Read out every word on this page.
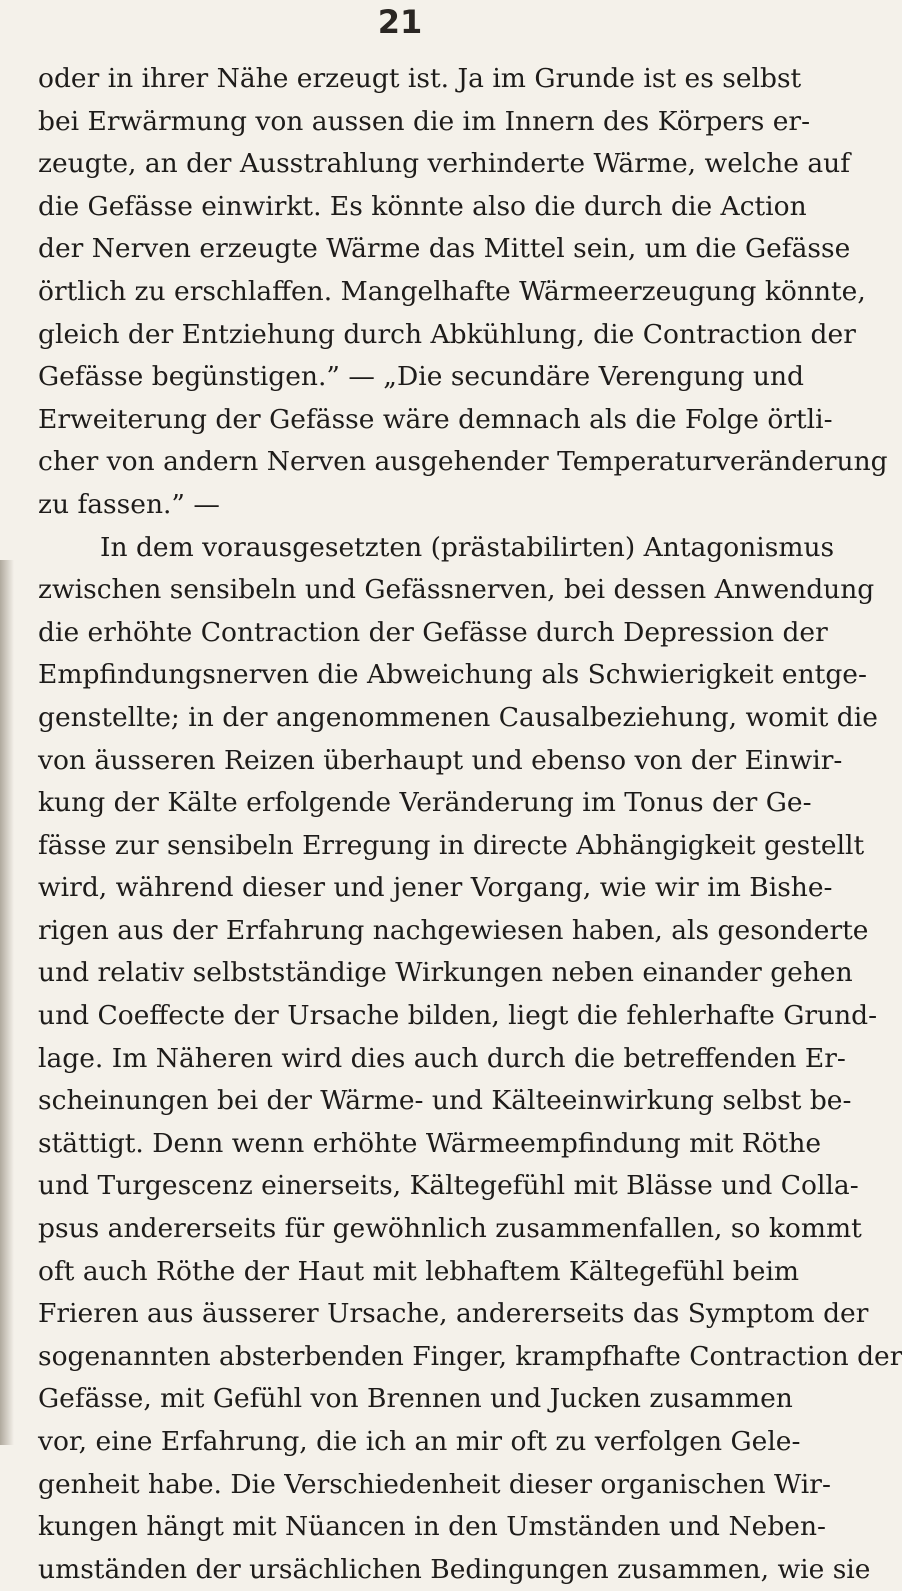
21
oder in ihrer Nähe erzeugt ist. Ja im Grunde ist es selbst
bei Erwärmung von aussen die im Innern des Körpers er-
zeugte, an der Ausstrahlung verhinderte Wärme, welche auf
die Gefässe einwirkt. Es könnte also die durch die Action
der Nerven erzeugte Wärme das Mittel sein, um die Gefässe
örtlich zu erschlaffen. Mangelhafte Wärmeerzeugung könnte,
gleich der Entziehung durch Abkühlung, die Contraction der
Gefässe begünstigen.” — „Die secundäre Verengung und
Erweiterung der Gefässe wäre demnach als die Folge örtli-
cher von andern Nerven ausgehender Temperaturveränderung
zu fassen.” —
In dem vorausgesetzten (prästabilirten) Antagonismus
zwischen sensibeln und Gefässnerven, bei dessen Anwendung
die erhöhte Contraction der Gefässe durch Depression der
Empfindungsnerven die Abweichung als Schwierigkeit entge-
genstellte; in der angenommenen Causalbeziehung, womit die
von äusseren Reizen überhaupt und ebenso von der Einwir-
kung der Kälte erfolgende Veränderung im Tonus der Ge-
fässe zur sensibeln Erregung in directe Abhängigkeit gestellt
wird, während dieser und jener Vorgang, wie wir im Bishe-
rigen aus der Erfahrung nachgewiesen haben, als gesonderte
und relativ selbstständige Wirkungen neben einander gehen
und Coeffecte der Ursache bilden, liegt die fehlerhafte Grund-
lage. Im Näheren wird dies auch durch die betreffenden Er-
scheinungen bei der Wärme- und Kälteeinwirkung selbst be-
stättigt. Denn wenn erhöhte Wärmeempfindung mit Röthe
und Turgescenz einerseits, Kältegefühl mit Blässe und Colla-
psus andererseits für gewöhnlich zusammenfallen, so kommt
oft auch Röthe der Haut mit lebhaftem Kältegefühl beim
Frieren aus äusserer Ursache, andererseits das Symptom der
sogenannten absterbenden Finger, krampfhafte Contraction der
Gefässe, mit Gefühl von Brennen und Jucken zusammen
vor, eine Erfahrung, die ich an mir oft zu verfolgen Gele-
genheit habe. Die Verschiedenheit dieser organischen Wir-
kungen hängt mit Nüancen in den Umständen und Neben-
umständen der ursächlichen Bedingungen zusammen, wie sie
